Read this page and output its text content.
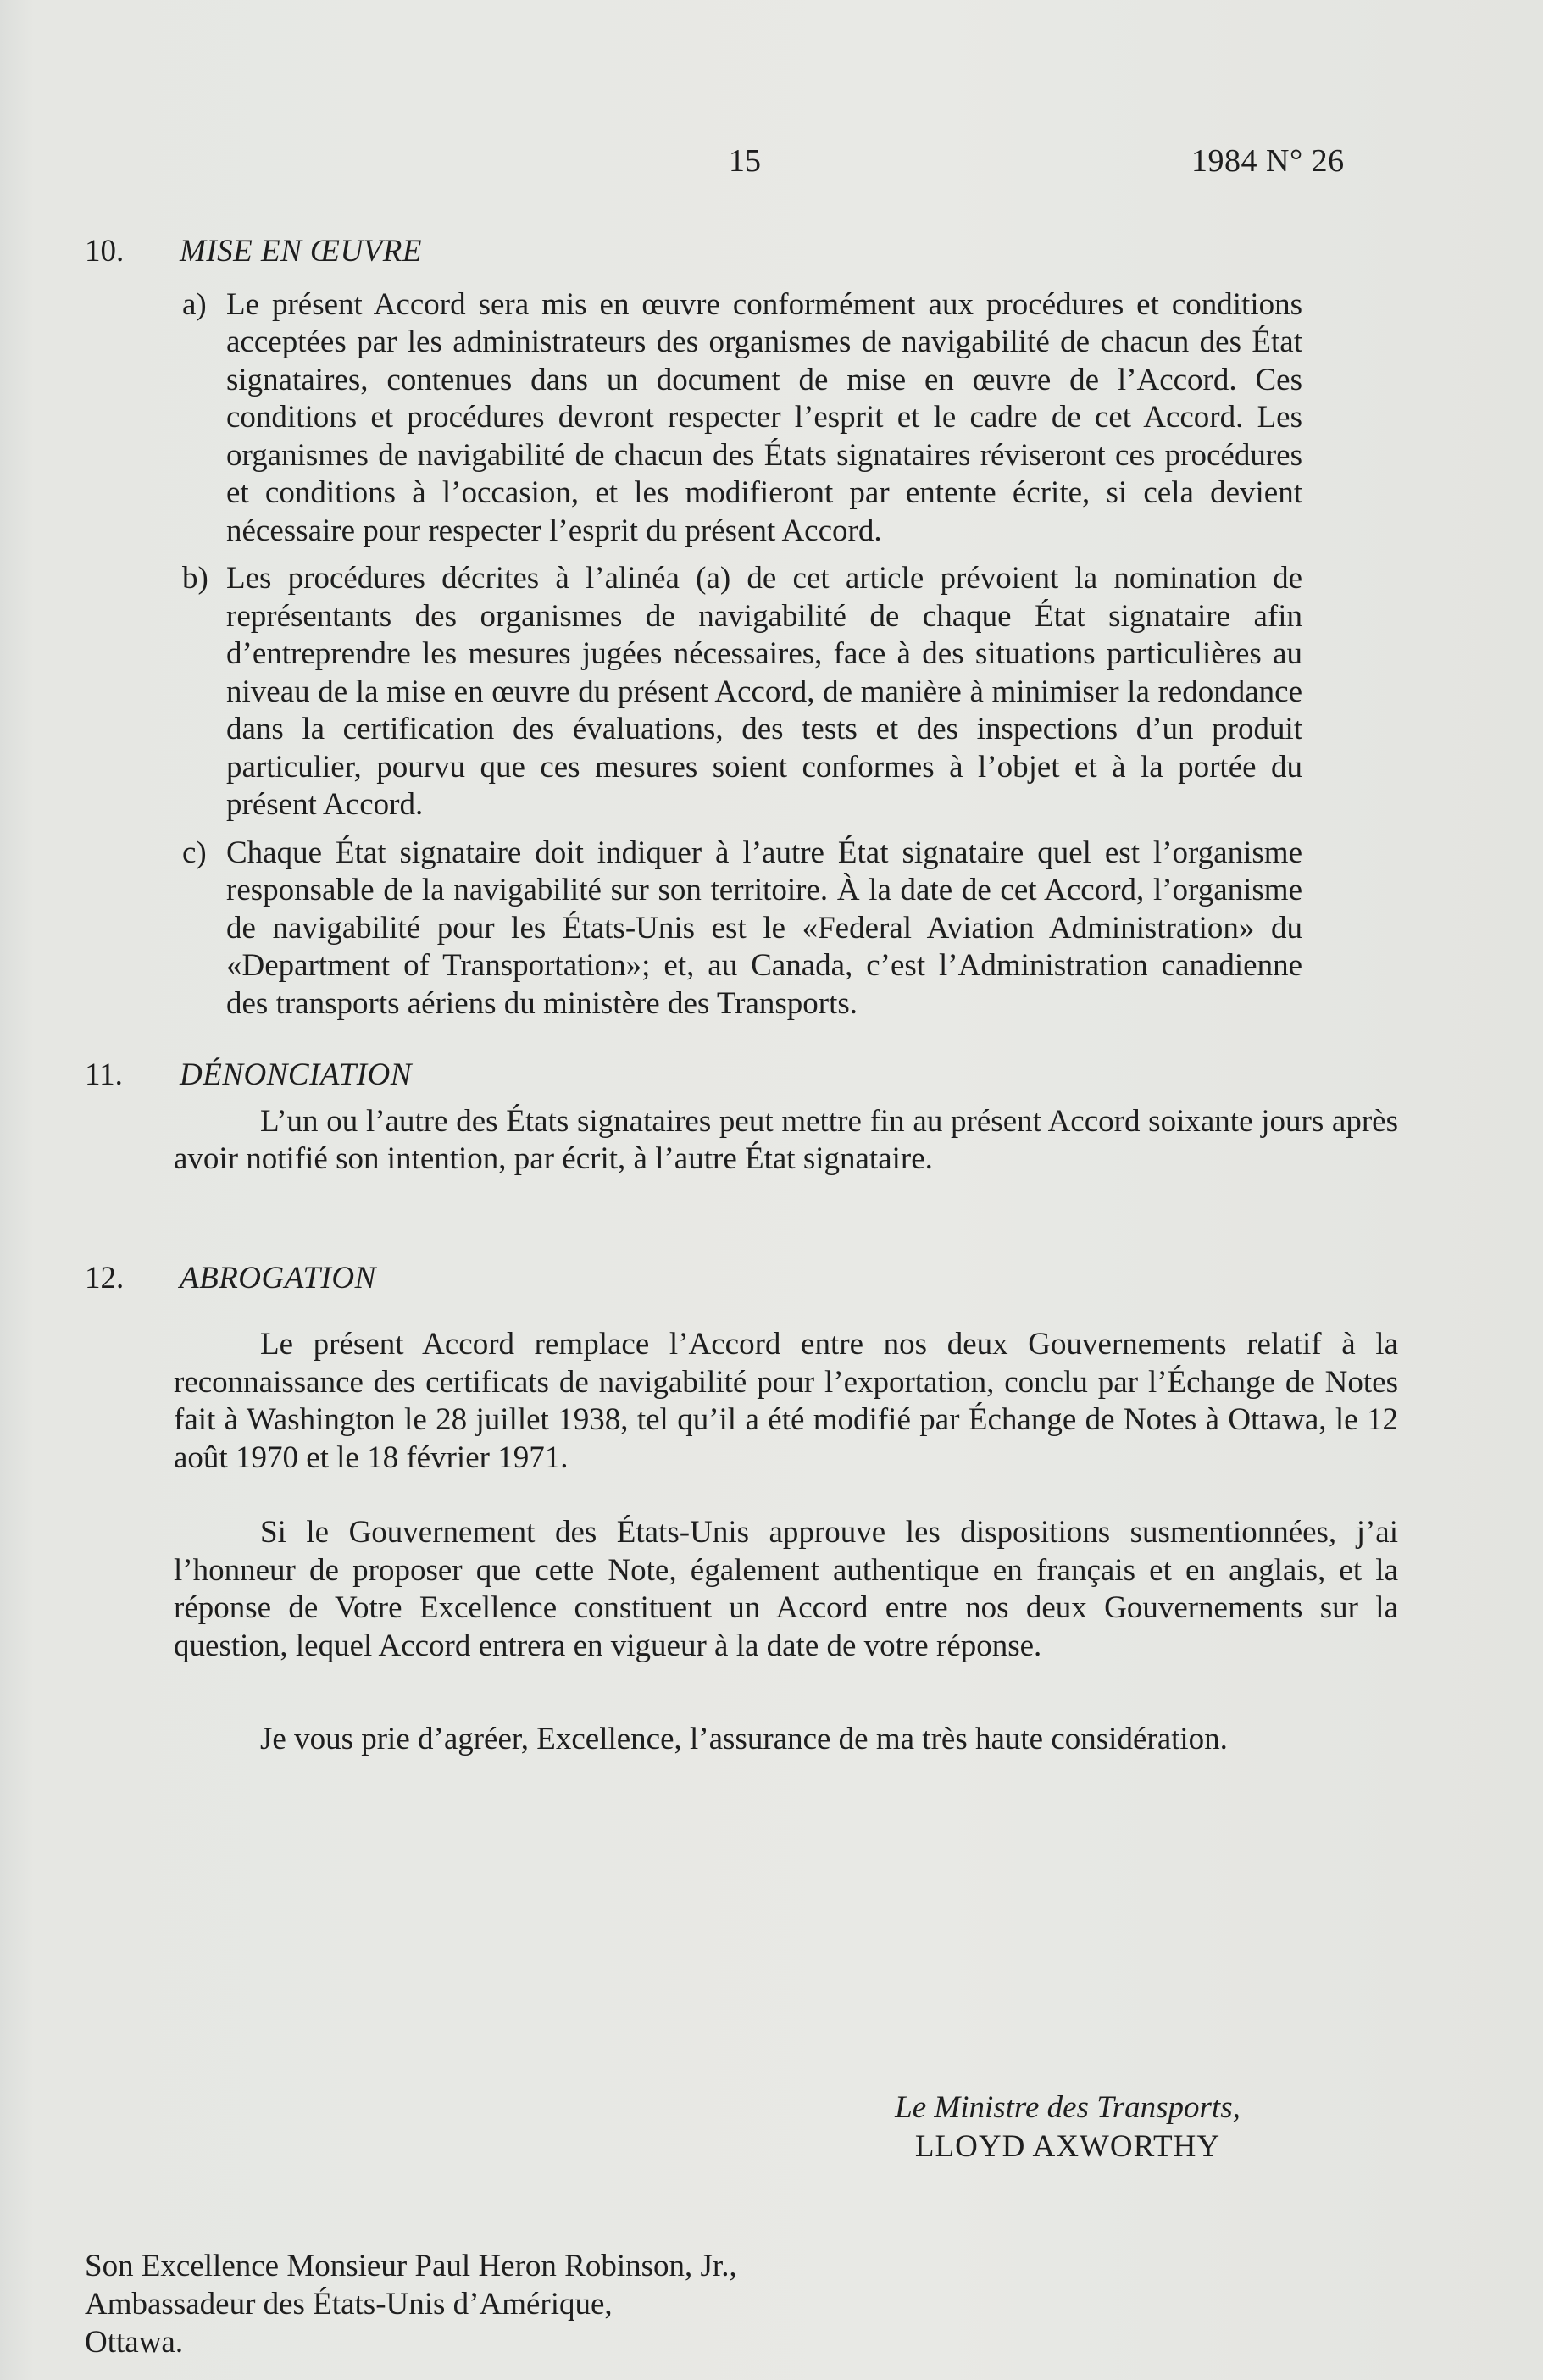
15	1984 N° 26
10.	MISE EN ŒUVRE
a) Le présent Accord sera mis en œuvre conformément aux procédures et conditions acceptées par les administrateurs des organismes de navigabilité de chacun des État signataires, contenues dans un document de mise en œuvre de l’Accord. Ces conditions et procédures devront respecter l’esprit et le cadre de cet Accord. Les organismes de navigabilité de chacun des États signataires réviseront ces procédures et conditions à l’occasion, et les modifieront par entente écrite, si cela devient nécessaire pour respecter l’esprit du présent Accord.
b) Les procédures décrites à l’alinéa (a) de cet article prévoient la nomination de représentants des organismes de navigabilité de chaque État signataire afin d’entreprendre les mesures jugées nécessaires, face à des situations particulières au niveau de la mise en œuvre du présent Accord, de manière à minimiser la redondance dans la certification des évaluations, des tests et des inspections d’un produit particulier, pourvu que ces mesures soient conformes à l’objet et à la portée du présent Accord.
c) Chaque État signataire doit indiquer à l’autre État signataire quel est l’organisme responsable de la navigabilité sur son territoire. À la date de cet Accord, l’organisme de navigabilité pour les États-Unis est le «Federal Aviation Administration» du «Department of Transportation»; et, au Canada, c’est l’Administration canadienne des transports aériens du ministère des Transports.
11.	DÉNONCIATION

L’un ou l’autre des États signataires peut mettre fin au présent Accord soixante jours après avoir notifié son intention, par écrit, à l’autre État signataire.

12.	ABROGATION

Le présent Accord remplace l’Accord entre nos deux Gouvernements relatif à la reconnaissance des certificats de navigabilité pour l’exportation, conclu par l’Échange de Notes fait à Washington le 28 juillet 1938, tel qu’il a été modifié par Échange de Notes à Ottawa, le 12 août 1970 et le 18 février 1971.

Si le Gouvernement des États-Unis approuve les dispositions susmentionnées, j’ai l’honneur de proposer que cette Note, également authentique en français et en anglais, et la réponse de Votre Excellence constituent un Accord entre nos deux Gouvernements sur la question, lequel Accord entrera en vigueur à la date de votre réponse.

Je vous prie d’agréer, Excellence, l’assurance de ma très haute considération.

Le Ministre des Transports,
LLOYD AXWORTHY
Son Excellence Monsieur Paul Heron Robinson, Jr.,
Ambassadeur des États-Unis d’Amérique,
Ottawa.
